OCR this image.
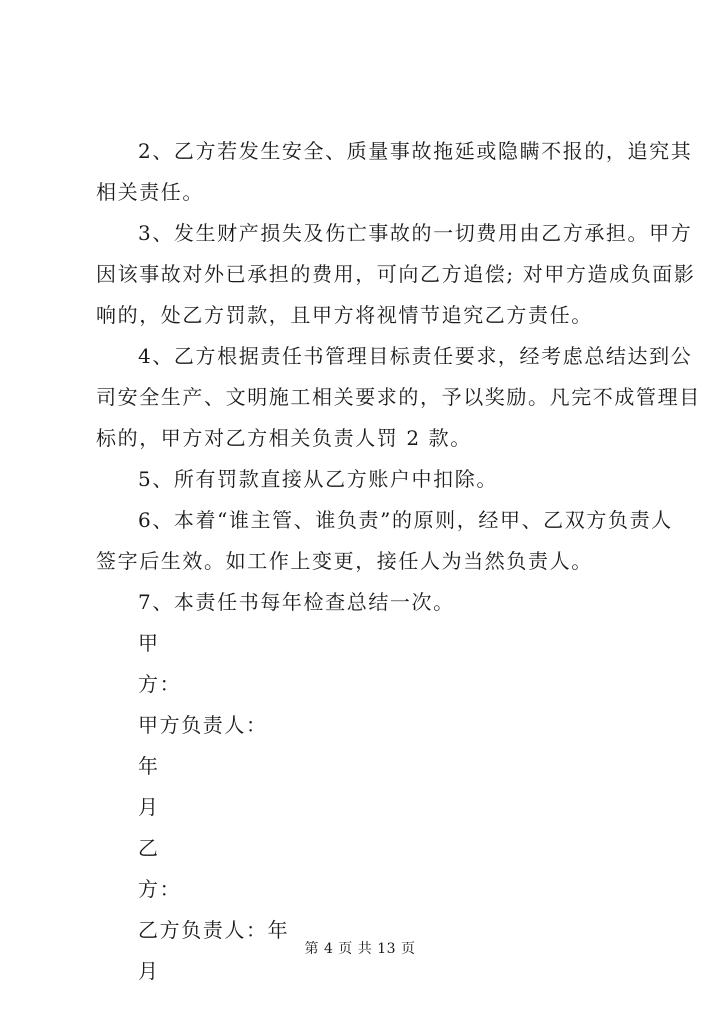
2、乙方若发生安全、质量事故拖延或隐瞒不报的，追究其
相关责任。
3、发生财产损失及伤亡事故的一切费用由乙方承担。甲方
因该事故对外已承担的费用，可向乙方追偿; 对甲方造成负面影
响的，处乙方罚款，且甲方将视情节追究乙方责任。
4、乙方根据责任书管理目标责任要求，经考虑总结达到公
司安全生产、文明施工相关要求的，予以奖励。凡完不成管理目
标的，甲方对乙方相关负责人罚 2 款。
5、所有罚款直接从乙方账户中扣除。
6、本着“谁主管、谁负责”的原则，经甲、乙双方负责人
签字后生效。如工作上变更，接任人为当然负责人。
7、本责任书每年检查总结一次。
甲
方：
甲方负责人：
年
月
乙
方：
乙方负责人：年
月
第 4 页 共 13 页
